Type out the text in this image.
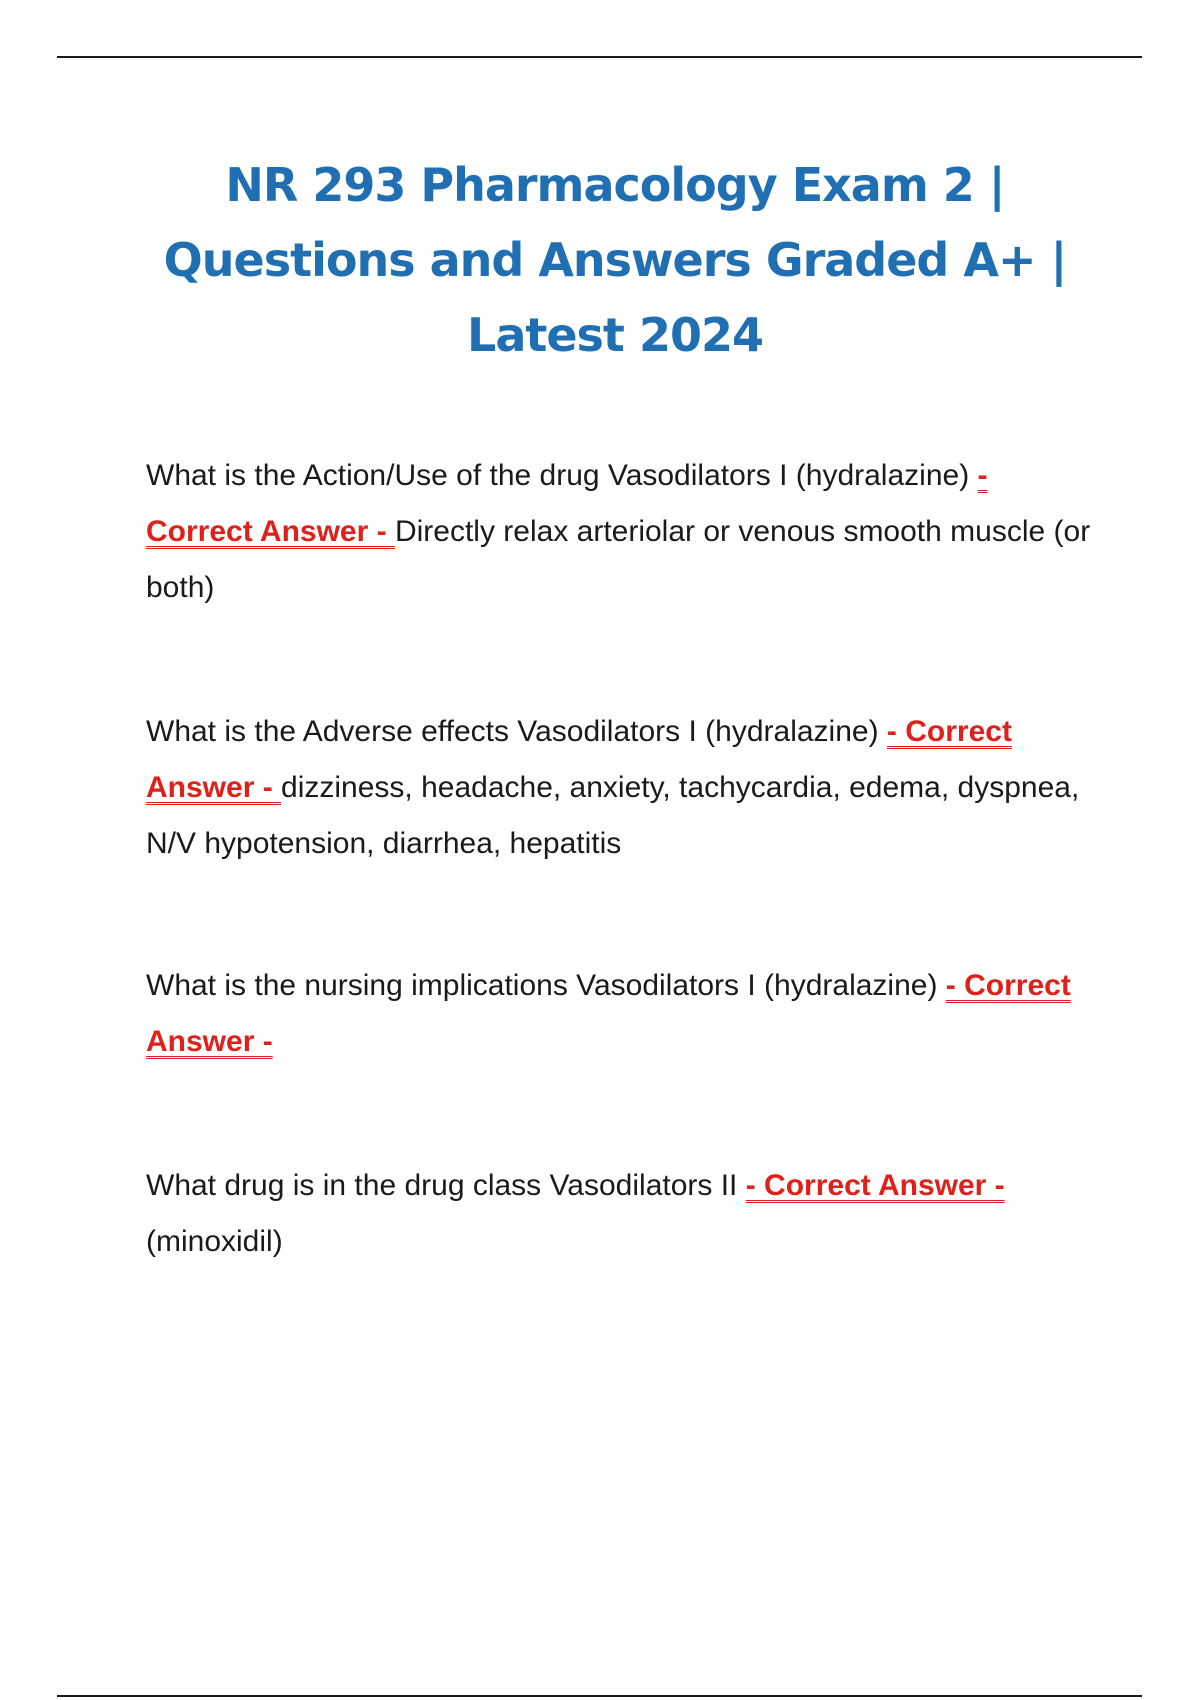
NR 293 Pharmacology Exam 2 | Questions and Answers Graded A+ | Latest 2024

What is the Action/Use of the drug Vasodilators I (hydralazine) - Correct Answer - Directly relax arteriolar or venous smooth muscle (or both)

What is the Adverse effects Vasodilators I (hydralazine) - Correct Answer - dizziness, headache, anxiety, tachycardia, edema, dyspnea, N/V hypotension, diarrhea, hepatitis

What is the nursing implications Vasodilators I (hydralazine) - Correct Answer -

What drug is in the drug class Vasodilators II - Correct Answer - (minoxidil)
